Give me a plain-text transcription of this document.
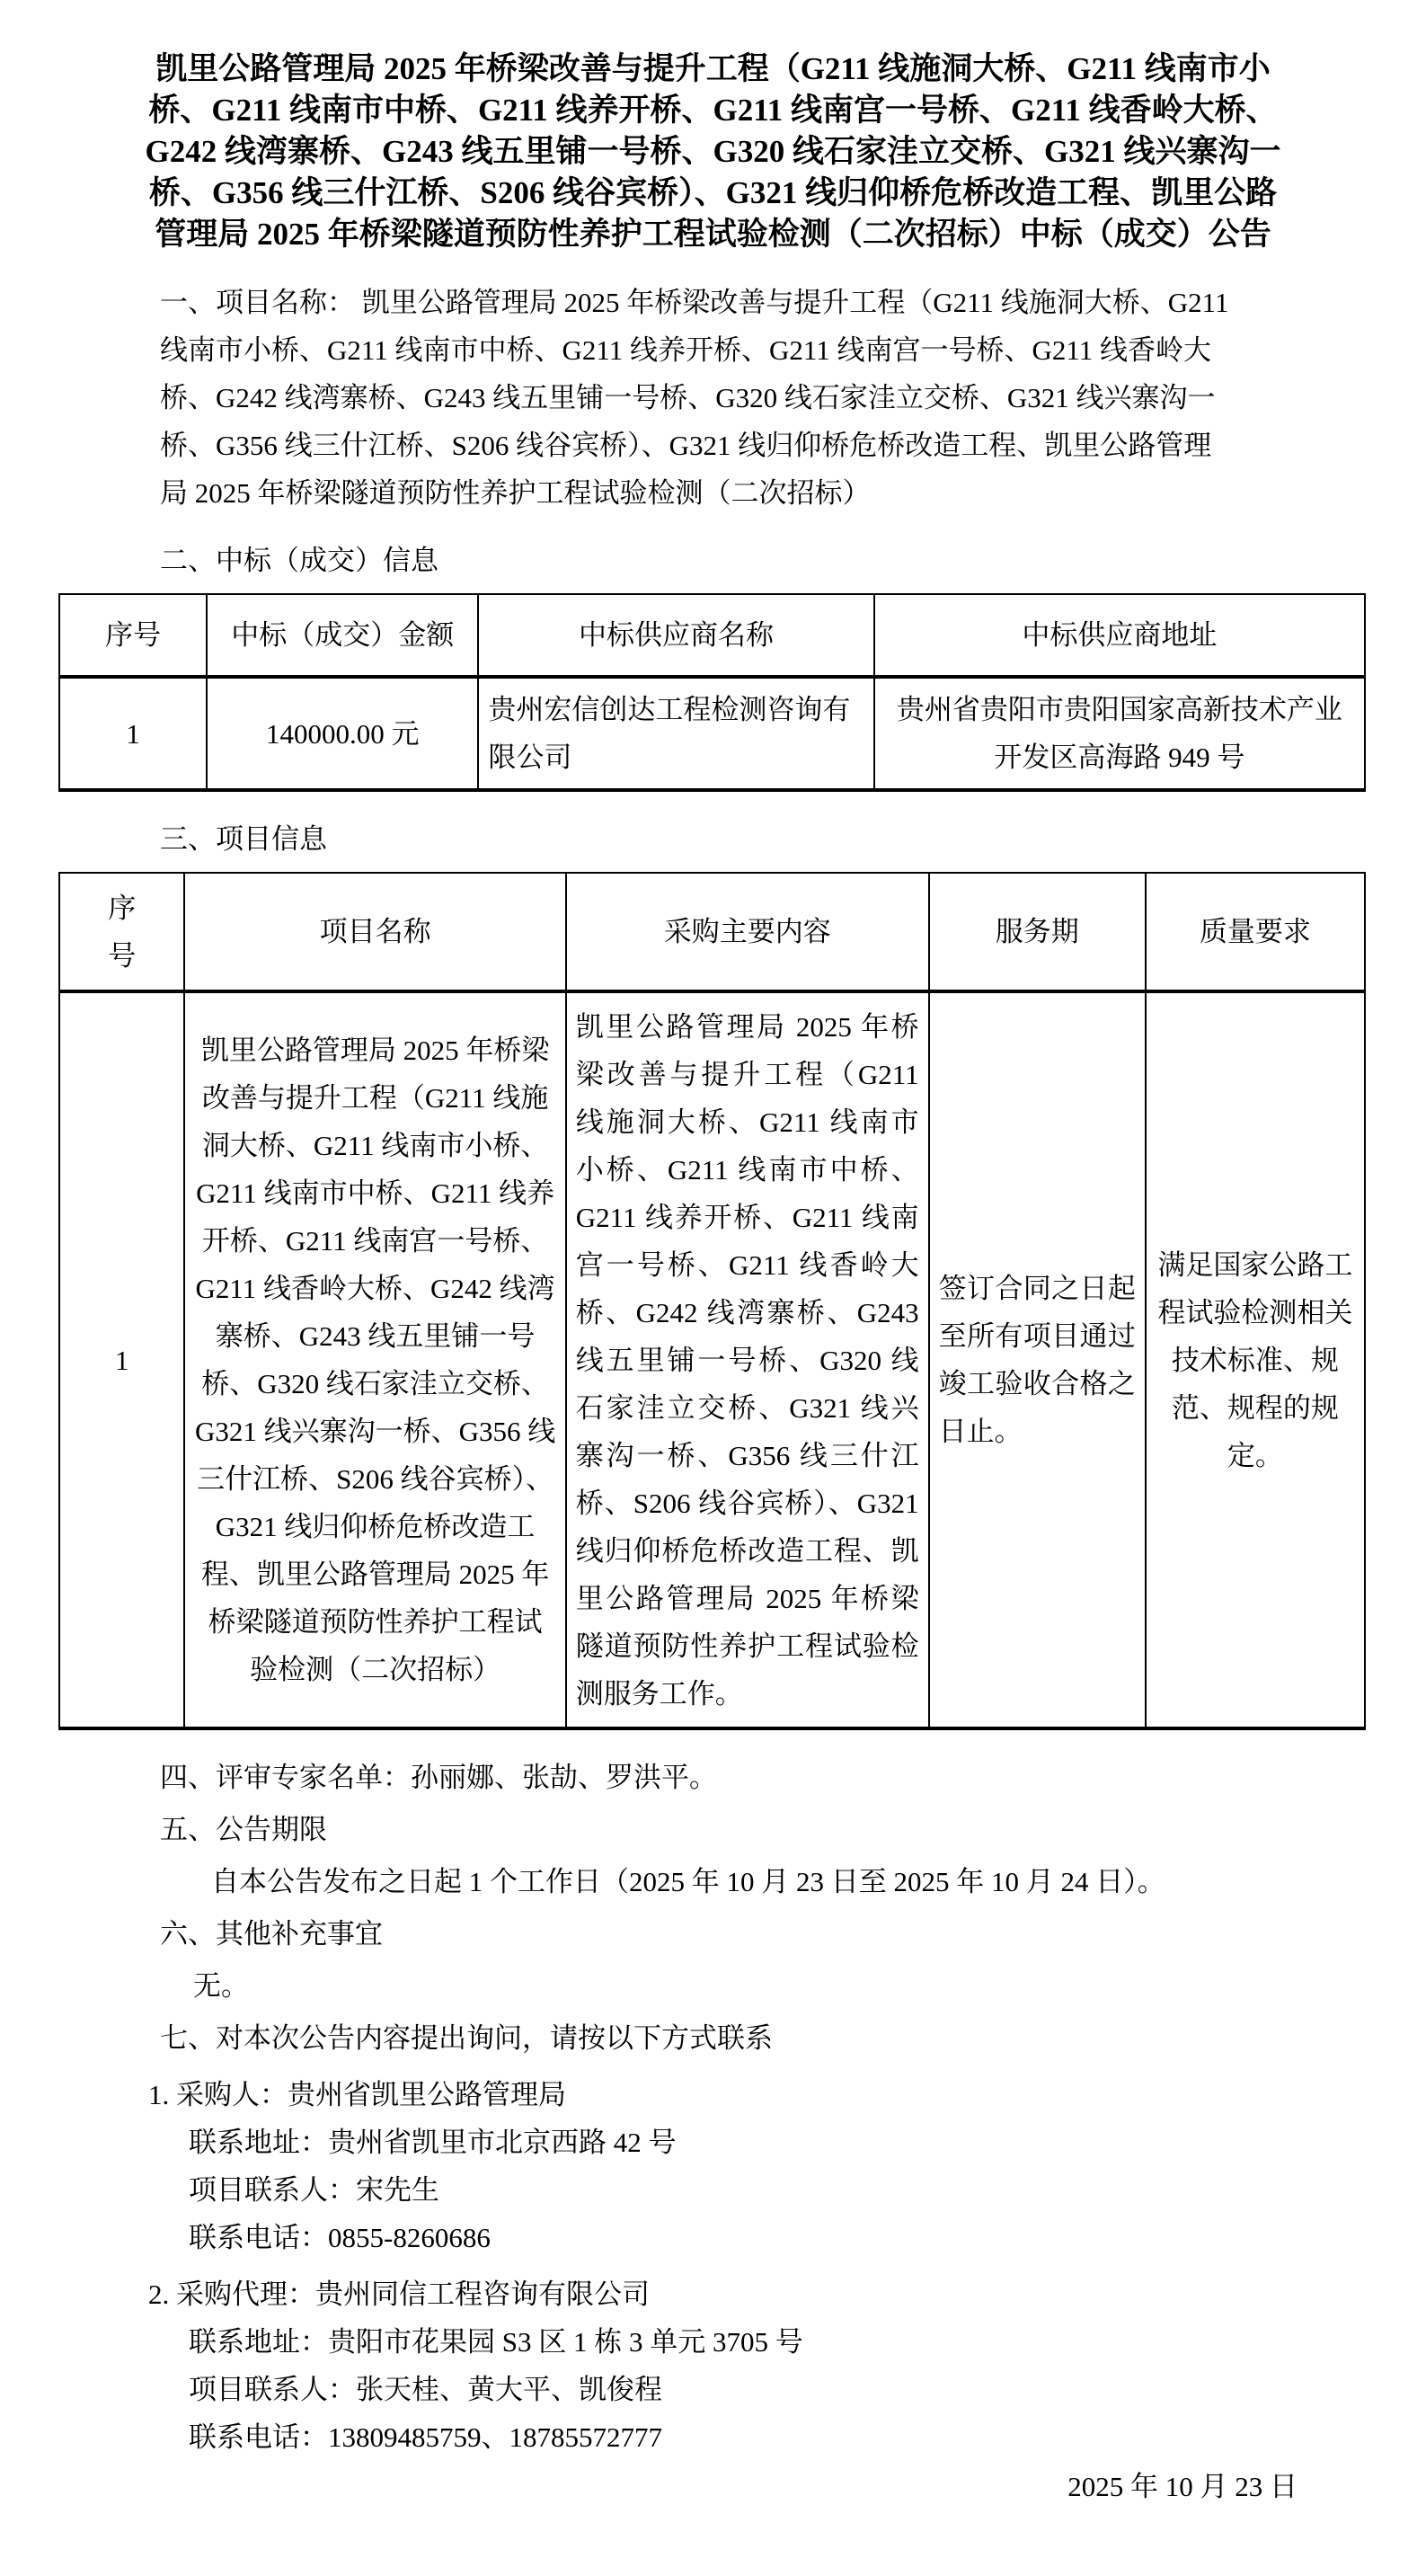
凯里公路管理局 2025 年桥梁改善与提升工程（G211 线施洞大桥、G211 线南市小桥、G211 线南市中桥、G211 线养开桥、G211 线南宫一号桥、G211 线香岭大桥、G242 线湾寨桥、G243 线五里铺一号桥、G320 线石家洼立交桥、G321 线兴寨沟一桥、G356 线三什江桥、S206 线谷宾桥）、G321 线归仰桥危桥改造工程、凯里公路管理局 2025 年桥梁隧道预防性养护工程试验检测（二次招标）中标（成交）公告

一、项目名称： 凯里公路管理局 2025 年桥梁改善与提升工程（G211 线施洞大桥、G211 线南市小桥、G211 线南市中桥、G211 线养开桥、G211 线南宫一号桥、G211 线香岭大桥、G242 线湾寨桥、G243 线五里铺一号桥、G320 线石家洼立交桥、G321 线兴寨沟一桥、G356 线三什江桥、S206 线谷宾桥）、G321 线归仰桥危桥改造工程、凯里公路管理局 2025 年桥梁隧道预防性养护工程试验检测（二次招标）

二、中标（成交）信息

序号	中标（成交）金额	中标供应商名称	中标供应商地址
1	140000.00 元	贵州宏信创达工程检测咨询有限公司	贵州省贵阳市贵阳国家高新技术产业开发区高海路 949 号

三、项目信息

序号	项目名称	采购主要内容	服务期	质量要求
1	凯里公路管理局 2025 年桥梁改善与提升工程（G211 线施洞大桥、G211 线南市小桥、G211 线南市中桥、G211 线养开桥、G211 线南宫一号桥、G211 线香岭大桥、G242 线湾寨桥、G243 线五里铺一号桥、G320 线石家洼立交桥、G321 线兴寨沟一桥、G356 线三什江桥、S206 线谷宾桥）、G321 线归仰桥危桥改造工程、凯里公路管理局 2025 年桥梁隧道预防性养护工程试验检测（二次招标）	凯里公路管理局 2025 年桥梁改善与提升工程（G211 线施洞大桥、G211 线南市小桥、G211 线南市中桥、G211 线养开桥、G211 线南宫一号桥、G211 线香岭大桥、G242 线湾寨桥、G243 线五里铺一号桥、G320 线石家洼立交桥、G321 线兴寨沟一桥、G356 线三什江桥、S206 线谷宾桥）、G321 线归仰桥危桥改造工程、凯里公路管理局 2025 年桥梁隧道预防性养护工程试验检测服务工作。	签订合同之日起至所有项目通过竣工验收合格之日止。	满足国家公路工程试验检测相关技术标准、规范、规程的规定。

四、评审专家名单：孙丽娜、张劼、罗洪平。

五、公告期限

自本公告发布之日起 1 个工作日（2025 年 10 月 23 日至 2025 年 10 月 24 日）。

六、其他补充事宜

无。

七、对本次公告内容提出询问，请按以下方式联系

1. 采购人：贵州省凯里公路管理局

联系地址：贵州省凯里市北京西路 42 号

项目联系人：宋先生

联系电话：0855-8260686

2. 采购代理：贵州同信工程咨询有限公司

联系地址：贵阳市花果园 S3 区 1 栋 3 单元 3705 号

项目联系人：张天桂、黄大平、凯俊程

联系电话：13809485759、18785572777

2025 年 10 月 23 日
